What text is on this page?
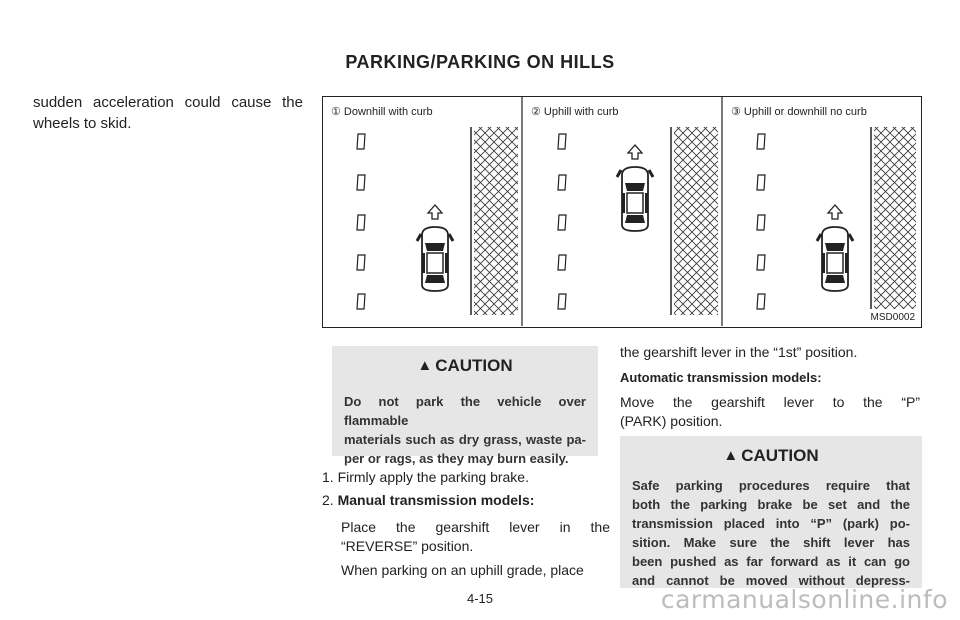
PARKING/PARKING ON HILLS
sudden acceleration could cause the
wheels to skid.
① Downhill with curb	② Uphill with curb	③ Uphill or downhill no curb
MSD0002
▲ CAUTION
Do not park the vehicle over flammable
materials such as dry grass, waste pa-
per or rags, as they may burn easily.
1. Firmly apply the parking brake.
2. Manual transmission models:
Place the gearshift lever in the
“REVERSE” position.
When parking on an uphill grade, place
the gearshift lever in the “1st” position.
Automatic transmission models:
Move the gearshift lever to the “P”
(PARK) position.
▲ CAUTION
Safe parking procedures require that
both the parking brake be set and the
transmission placed into “P” (park) po-
sition. Make sure the shift lever has
been pushed as far forward as it can go
and cannot be moved without depress-
4-15	carmanualsonline.info
